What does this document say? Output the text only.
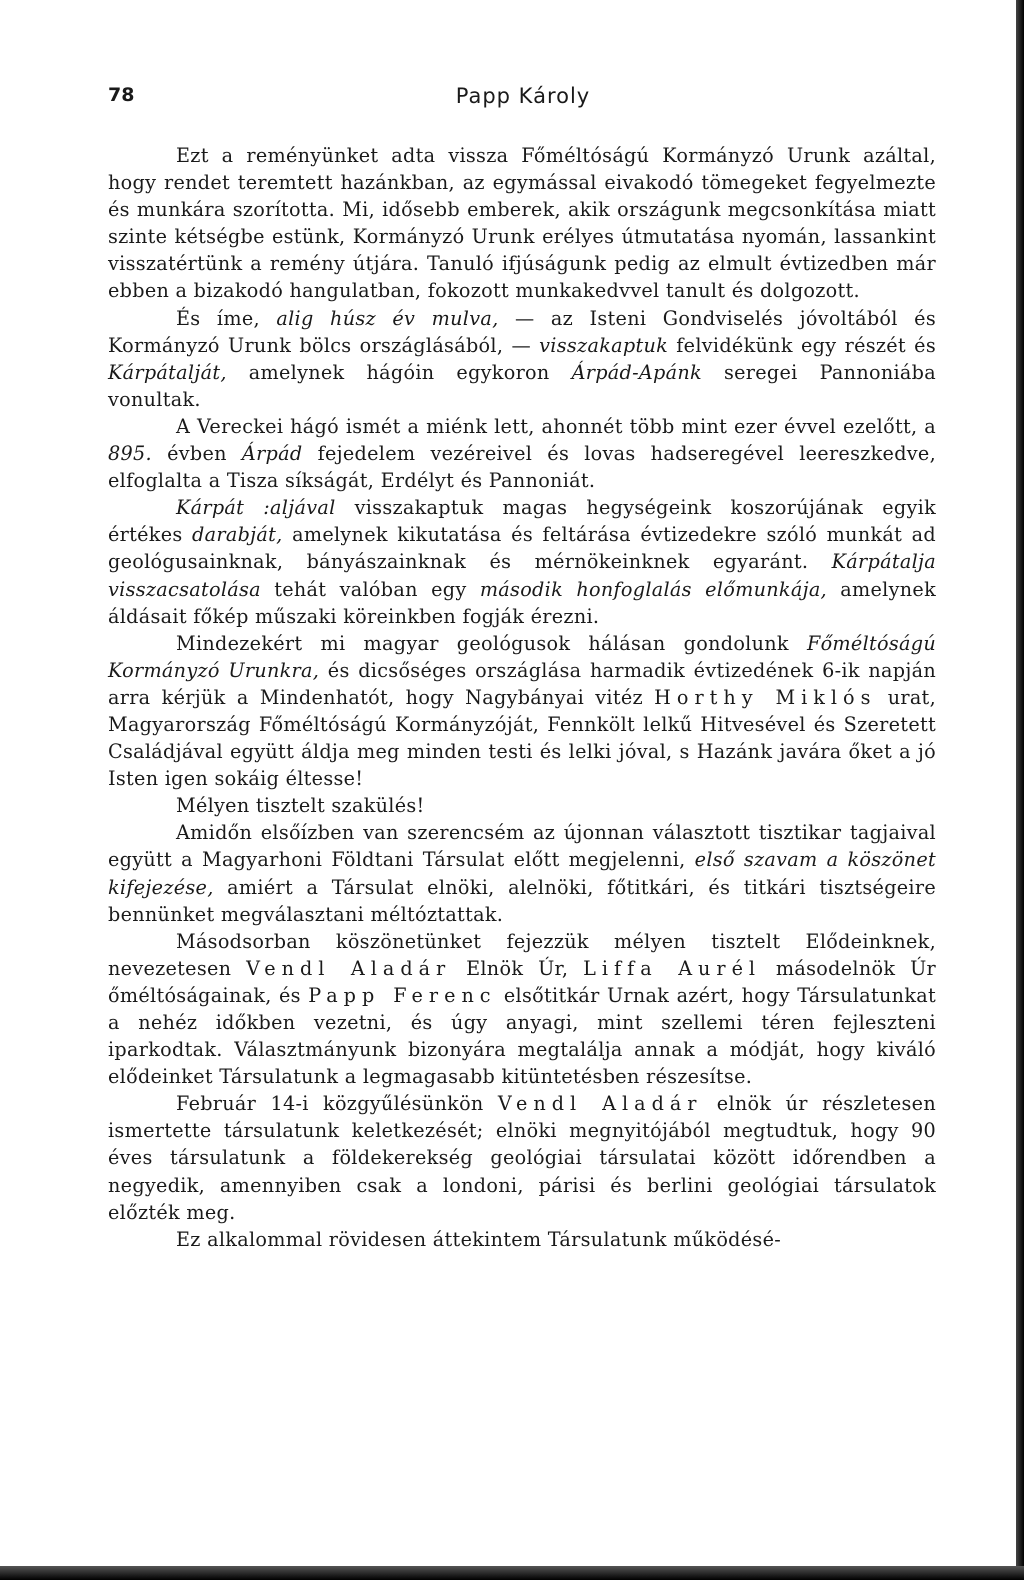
78	Papp Károly

Ezt a reményünket adta vissza Főméltóságú Kormányzó Urunk azáltal, hogy rendet teremtett hazánkban, az egymással eivakodó tömegeket fegyelmezte és munkára szorította. Mi, idősebb emberek, akik országunk megcsonkítása miatt szinte kétségbe estünk, Kormányzó Urunk erélyes útmutatása nyomán, lassankint visszatértünk a remény útjára. Tanuló ifjúságunk pedig az elmult évtizedben már ebben a bizakodó hangulatban, fokozott munkakedvvel tanult és dolgozott.

És íme, alig húsz év mulva, — az Isteni Gondviselés jóvoltából és Kormányzó Urunk bölcs országlásából, — visszakaptuk felvidékünk egy részét és Kárpátalját, amelynek hágóin egykoron Árpád-Apánk seregei Pannoniába vonultak.

A Vereckei hágó ismét a miénk lett, ahonnét több mint ezer évvel ezelőtt, a 895. évben Árpád fejedelem vezéreivel és lovas hadseregével leereszkedve, elfoglalta a Tisza síkságát, Erdélyt és Pannoniát.

Kárpát :aljával visszakaptuk magas hegységeink koszorújának egyik értékes darabját, amelynek kikutatása és feltárása évtizedekre szóló munkát ad geológusainknak, bányászainknak és mérnökeinknek egyaránt. Kárpátalja visszacsatolása tehát valóban egy második honfoglalás előmunkája, amelynek áldásait főkép műszaki köreinkben fogják érezni.

Mindezekért mi magyar geológusok hálásan gondolunk Főméltóságú Kormányzó Urunkra, és dicsőséges országlása harmadik évtizedének 6-ik napján arra kérjük a Mindenhatót, hogy Nagybányai vitéz Horthy Miklós urat, Magyarország Főméltóságú Kormányzóját, Fennkölt lelkű Hitvesével és Szeretett Családjával együtt áldja meg minden testi és lelki jóval, s Hazánk javára őket a jó Isten igen sokáig éltesse!

Mélyen tisztelt szakülés!

Amidőn elsőízben van szerencsém az újonnan választott tisztikar tagjaival együtt a Magyarhoni Földtani Társulat előtt megjelenni, első szavam a köszönet kifejezése, amiért a Társulat elnöki, alelnöki, főtitkári, és titkári tisztségeire bennünket megválasztani méltóztattak.

Másodsorban köszönetünket fejezzük mélyen tisztelt Elődeinknek, nevezetesen Vendl Aladár Elnök Úr, Liffa Aurél másodelnök Úr őméltóságainak, és Papp Ferenc elsőtitkár Urnak azért, hogy Társulatunkat a nehéz időkben vezetni, és úgy anyagi, mint szellemi téren fejleszteni iparkodtak. Választmányunk bizonyára megtalálja annak a módját, hogy kiváló elődeinket Társulatunk a legmagasabb kitüntetésben részesítse.

Február 14-i közgyűlésünkön Vendl Aladár elnök úr részletesen ismertette társulatunk keletkezését; elnöki megnyitójából megtudtuk, hogy 90 éves társulatunk a földekerekség geológiai társulatai között időrendben a negyedik, amennyiben csak a londoni, párisi és berlini geológiai társulatok előzték meg.

Ez alkalommal rövidesen áttekintem Társulatunk működésé-
